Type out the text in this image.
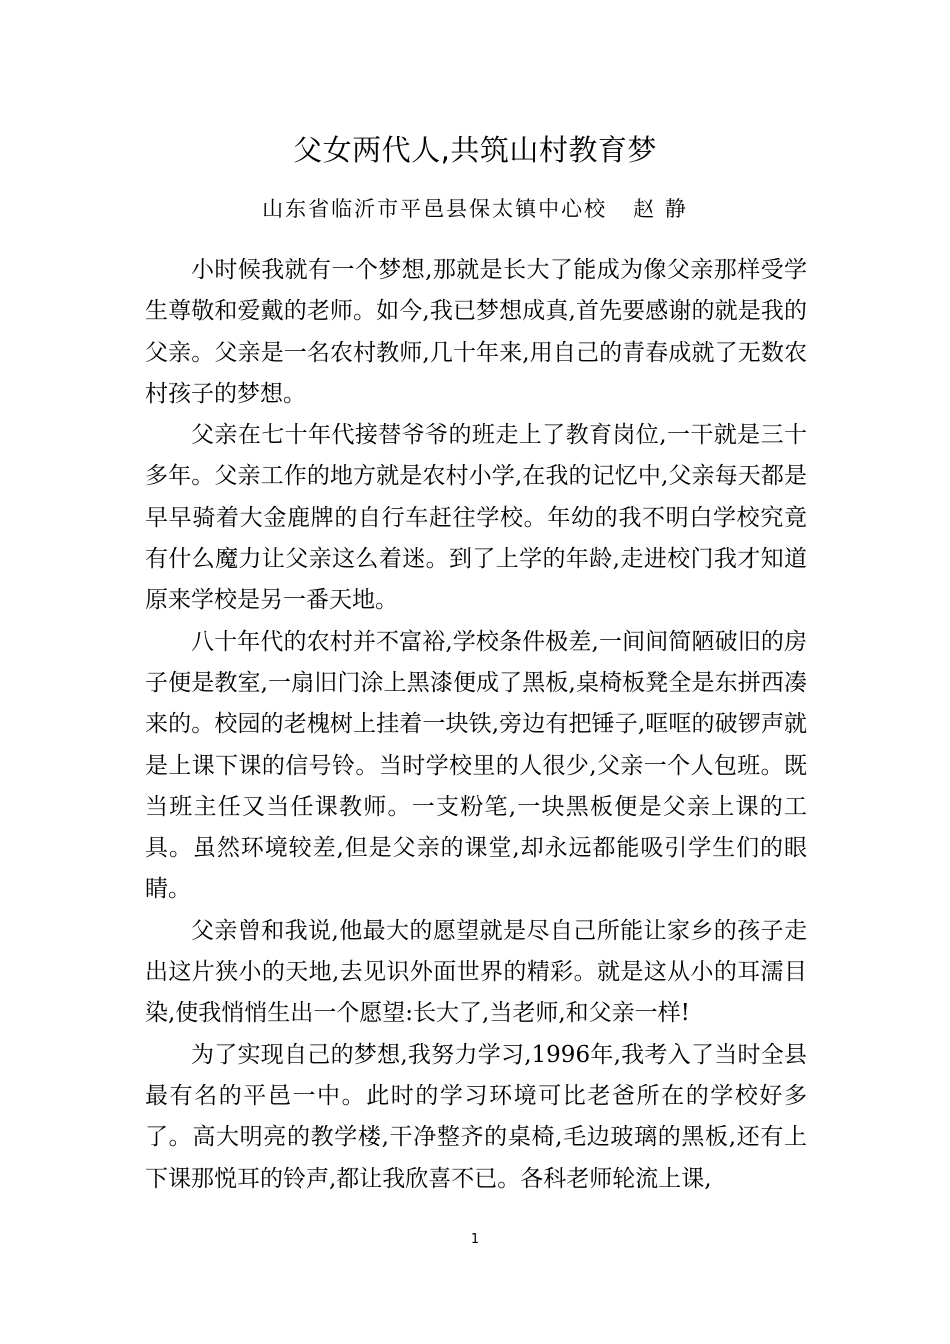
父女两代人,共筑山村教育梦
山东省临沂市平邑县保太镇中心校 赵 静

小时候我就有一个梦想,那就是长大了能成为像父亲那样受学生尊敬和爱戴的老师。如今,我已梦想成真,首先要感谢的就是我的父亲。父亲是一名农村教师,几十年来,用自己的青春成就了无数农村孩子的梦想。

父亲在七十年代接替爷爷的班走上了教育岗位,一干就是三十多年。父亲工作的地方就是农村小学,在我的记忆中,父亲每天都是早早骑着大金鹿牌的自行车赶往学校。年幼的我不明白学校究竟有什么魔力让父亲这么着迷。到了上学的年龄,走进校门我才知道原来学校是另一番天地。

八十年代的农村并不富裕,学校条件极差,一间间简陋破旧的房子便是教室,一扇旧门涂上黑漆便成了黑板,桌椅板凳全是东拼西凑来的。校园的老槐树上挂着一块铁,旁边有把锤子,哐哐的破锣声就是上课下课的信号铃。当时学校里的人很少,父亲一个人包班。既当班主任又当任课教师。一支粉笔,一块黑板便是父亲上课的工具。虽然环境较差,但是父亲的课堂,却永远都能吸引学生们的眼睛。

父亲曾和我说,他最大的愿望就是尽自己所能让家乡的孩子走出这片狭小的天地,去见识外面世界的精彩。就是这从小的耳濡目染,使我悄悄生出一个愿望:长大了,当老师,和父亲一样!

为了实现自己的梦想,我努力学习,1996年,我考入了当时全县最有名的平邑一中。此时的学习环境可比老爸所在的学校好多了。高大明亮的教学楼,干净整齐的桌椅,毛边玻璃的黑板,还有上下课那悦耳的铃声,都让我欣喜不已。各科老师轮流上课,

1
